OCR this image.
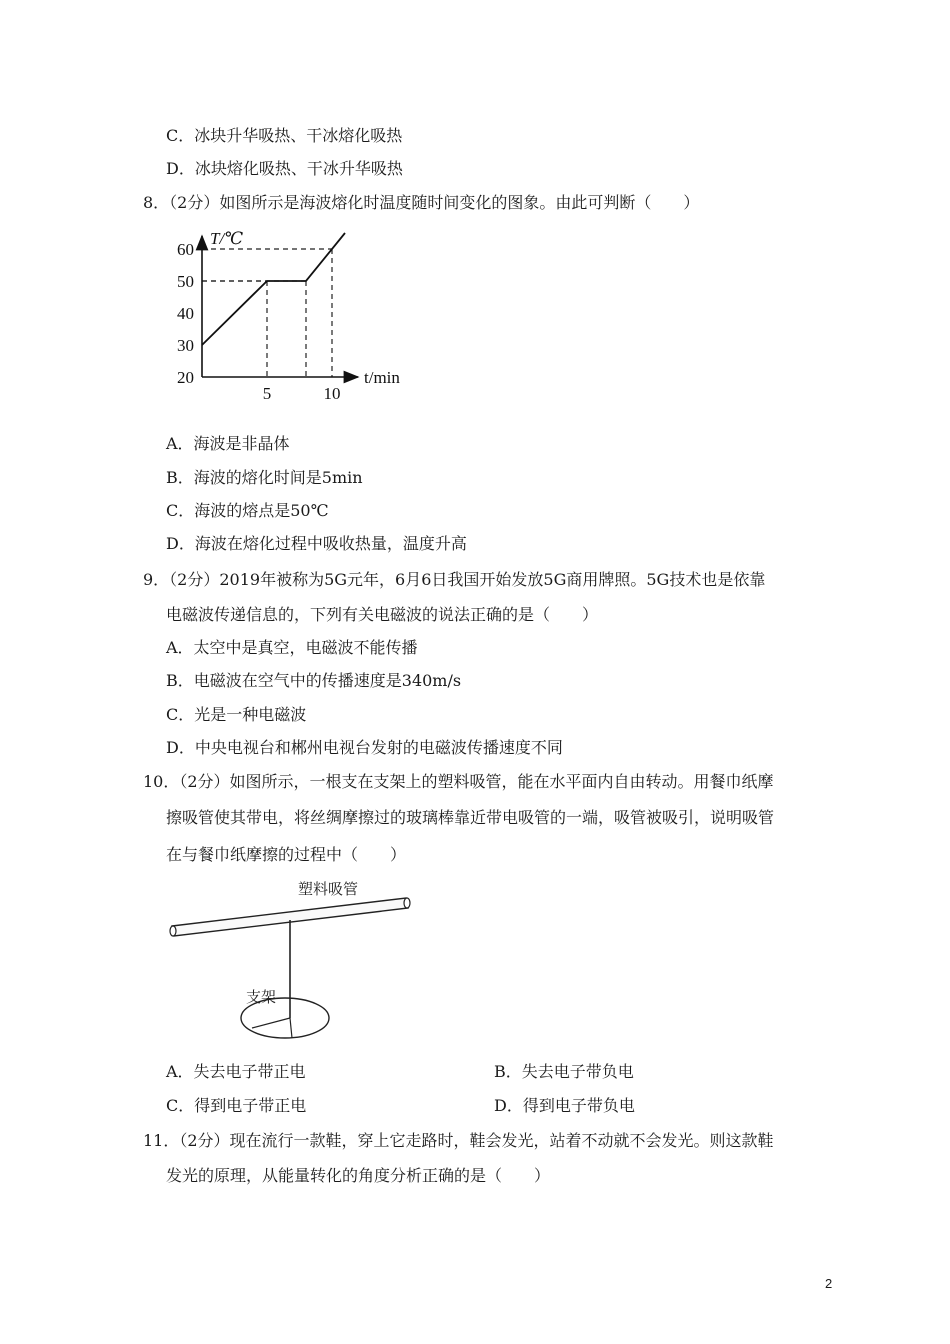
C．冰块升华吸热、干冰熔化吸热
D．冰块熔化吸热、干冰升华吸热
8．（2分）如图所示是海波熔化时温度随时间变化的图象。由此可判断（　　）
60
50
40
30
20
5	10
T/℃
t/min
A．海波是非晶体
B．海波的熔化时间是5min
C．海波的熔点是50℃
D．海波在熔化过程中吸收热量，温度升高
9．（2分）2019年被称为5G元年，6月6日我国开始发放5G商用牌照。5G技术也是依靠
电磁波传递信息的，下列有关电磁波的说法正确的是（　　）
A．太空中是真空，电磁波不能传播
B．电磁波在空气中的传播速度是340m/s
C．光是一种电磁波
D．中央电视台和郴州电视台发射的电磁波传播速度不同
10．（2分）如图所示，一根支在支架上的塑料吸管，能在水平面内自由转动。用餐巾纸摩
擦吸管使其带电，将丝绸摩擦过的玻璃棒靠近带电吸管的一端，吸管被吸引，说明吸管
在与餐巾纸摩擦的过程中（　　）
塑料吸管
支架
A．失去电子带正电	B．失去电子带负电
C．得到电子带正电	D．得到电子带负电
11．（2分）现在流行一款鞋，穿上它走路时，鞋会发光，站着不动就不会发光。则这款鞋
发光的原理，从能量转化的角度分析正确的是（　　）
2
